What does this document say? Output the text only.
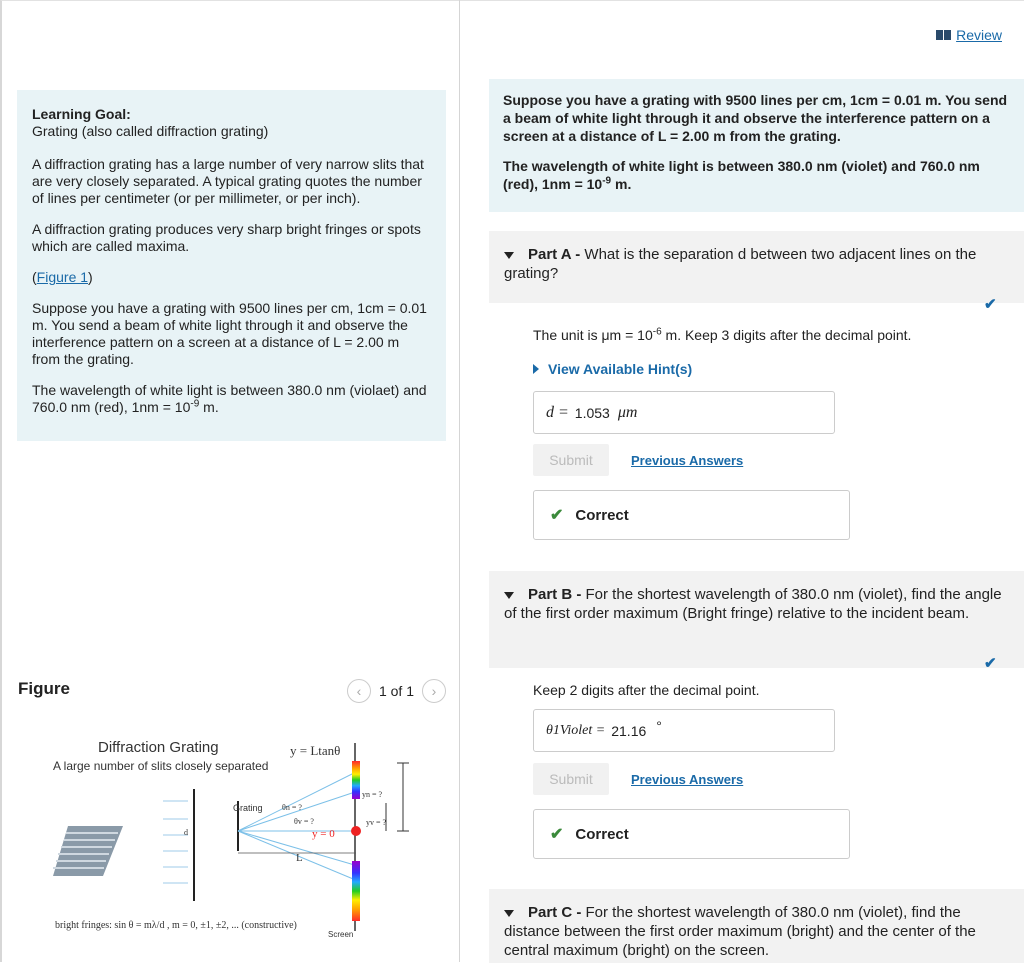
Learning Goal:
Grating (also called diffraction grating)

A diffraction grating has a large number of very narrow slits that are very closely separated. A typical grating quotes the number of lines per centimeter (or per millimeter, or per inch).

A diffraction grating produces very sharp bright fringes or spots which are called maxima.

(Figure 1)

Suppose you have a grating with 9500 lines per cm, 1cm = 0.01 m. You send a beam of white light through it and observe the interference pattern on a screen at a distance of L = 2.00 m from the grating.

The wavelength of white light is between 380.0 nm (violaet) and 760.0 nm (red), $1nm = 10^{-9}$ m.

Figure	‹	1 of 1	›
Diffraction Grating
A large number of slits closely separated
y = Ltanθ
d
Grating θn = ?
θv = ?
y = 0
L
yn = ?
yv = ?
Screen
bright fringes: sin θ = mλ/d , m = 0, ±1, ±2, ... (constructive)
Review

Suppose you have a grating with 9500 lines per cm, 1cm = 0.01 m. You send a beam of white light through it and observe the interference pattern on a screen at a distance of L = 2.00 m from the grating.

The wavelength of white light is between 380.0 nm (violet) and 760.0 nm (red), $1nm = 10^{-9}$ m.

Part A - What is the separation d between two adjacent lines on the grating?
✔
The unit is $\mu m = 10^{-6}$ m. Keep 3 digits after the decimal point.
View Available Hint(s)
d = 1.053 μm
Submit	Previous Answers
✔ Correct
Part B - For the shortest wavelength of 380.0 nm (violet), find the angle of the first order maximum (Bright fringe) relative to the incident beam.
✔
Keep 2 digits after the decimal point.
θ1Violet = 21.16 °
Submit	Previous Answers
✔ Correct
Part C - For the shortest wavelength of 380.0 nm (violet), find the distance between the first order maximum (bright) and the center of the central maximum (bright) on the screen.
